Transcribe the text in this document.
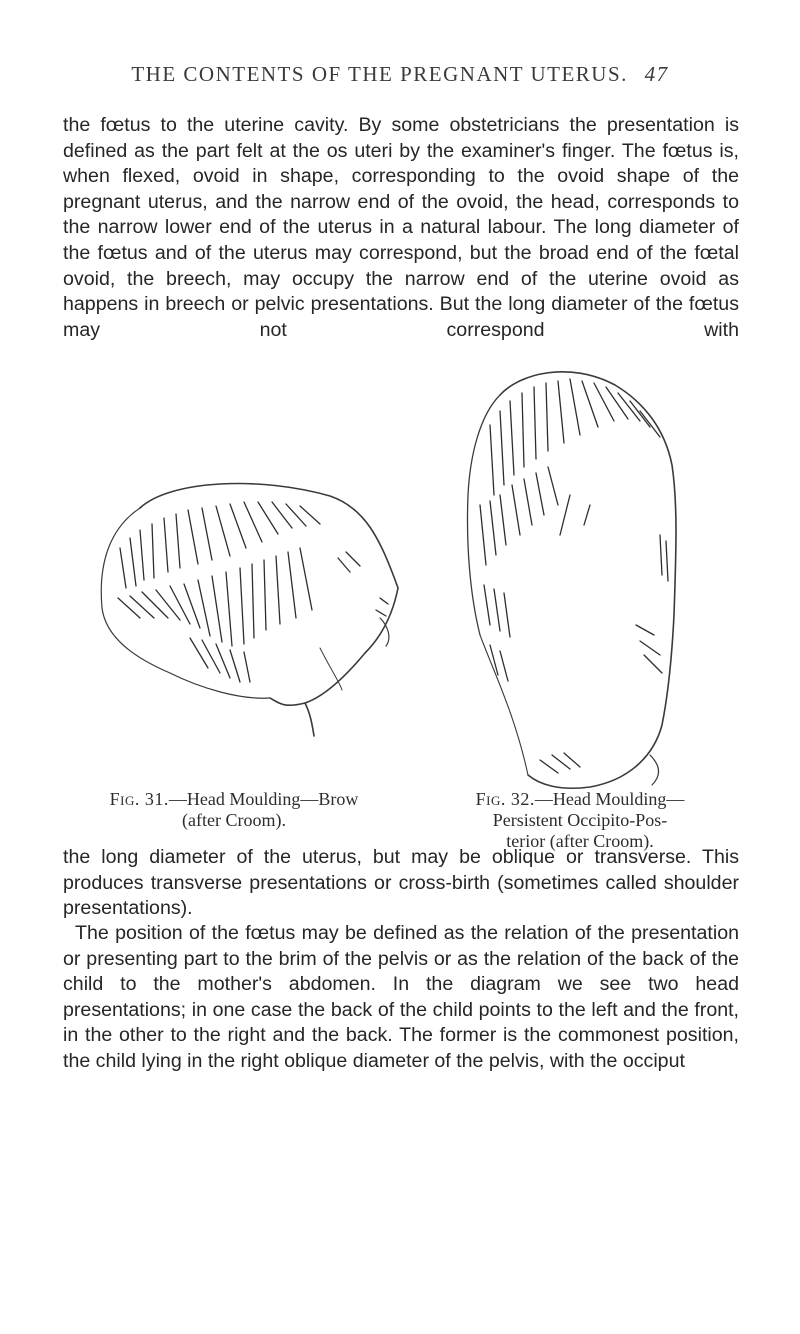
THE CONTENTS OF THE PREGNANT UTERUS. 47

the fœtus to the uterine cavity. By some obstetricians the presentation is defined as the part felt at the os uteri by the examiner's finger. The fœtus is, when flexed, ovoid in shape, corresponding to the ovoid shape of the pregnant uterus, and the narrow end of the ovoid, the head, corresponds to the narrow lower end of the uterus in a natural labour. The long diameter of the fœtus and of the uterus may correspond, but the broad end of the fœtal ovoid, the breech, may occupy the narrow end of the uterine ovoid as happens in breech or pelvic presentations. But the long diameter of the fœtus may not correspond with

Fig. 31.—Head Moulding—Brow
(after Croom).
Fig. 32.—Head Moulding—
Persistent Occipito-Pos-
terior (after Croom).

the long diameter of the uterus, but may be oblique or transverse. This produces transverse presentations or cross-birth (sometimes called shoulder presentations).

The position of the fœtus may be defined as the relation of the presentation or presenting part to the brim of the pelvis or as the relation of the back of the child to the mother's abdomen. In the diagram we see two head presentations; in one case the back of the child points to the left and the front, in the other to the right and the back. The former is the commonest position, the child lying in the right oblique diameter of the pelvis, with the occiput
